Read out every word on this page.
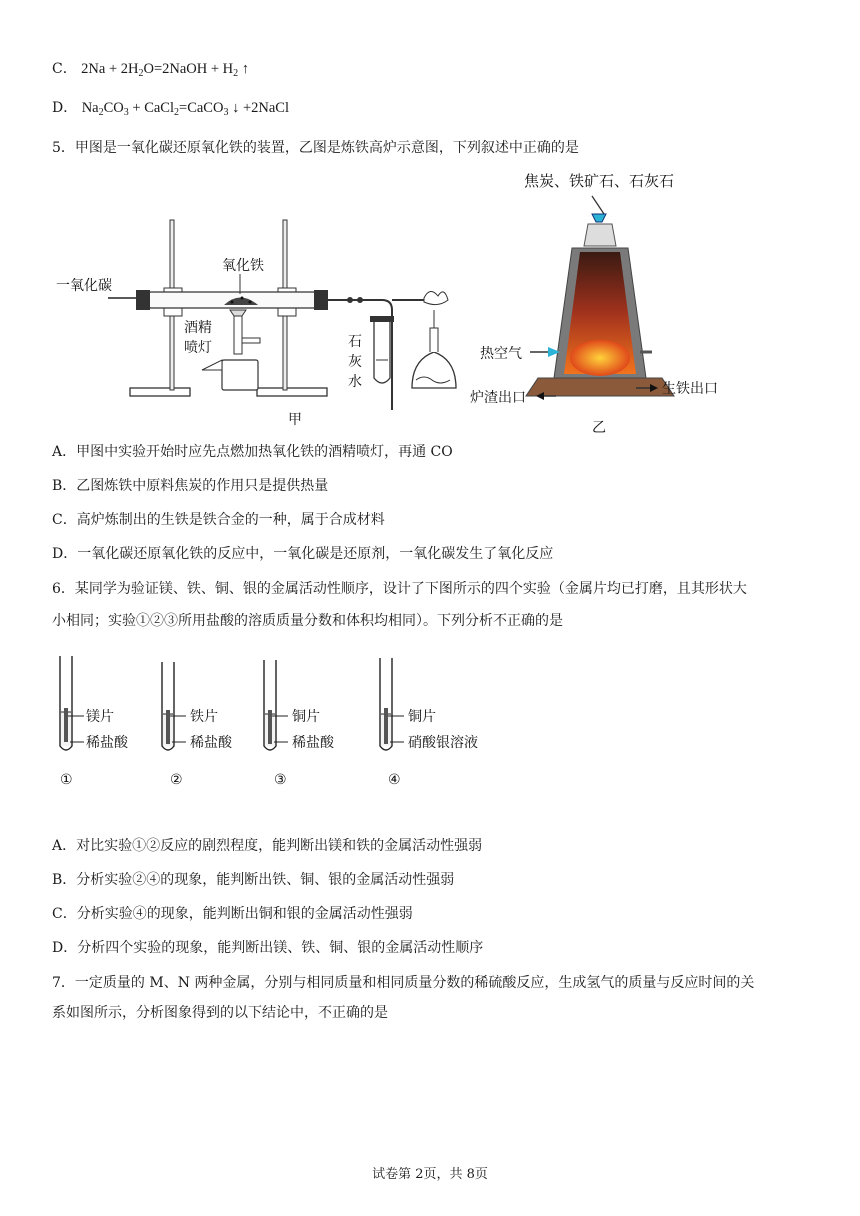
C． $2Na + 2H_2O=2NaOH + H_2$ ↑
D． $Na_2CO_3$ + CaCl$_2$=CaCO$_3$ ↓ +2NaCl
5．甲图是一氧化碳还原氧化铁的装置，乙图是炼铁高炉示意图，下列叙述中正确的是
一氧化碳
氧化铁
酒精
喷灯	石
灰
水
甲
焦炭、铁矿石、石灰石
热空气
生铁出口
炉渣出口
乙
A．甲图中实验开始时应先点燃加热氧化铁的酒精喷灯，再通 CO
B．乙图炼铁中原料焦炭的作用只是提供热量
C．高炉炼制出的生铁是铁合金的一种，属于合成材料
D．一氧化碳还原氧化铁的反应中，一氧化碳是还原剂，一氧化碳发生了氧化反应
6．某同学为验证镁、铁、铜、银的金属活动性顺序，设计了下图所示的四个实验（金属片均已打磨，且其形状大
小相同；实验①②③所用盐酸的溶质质量分数和体积均相同）。下列分析不正确的是
镁片
稀盐酸
①
铁片
稀盐酸
②
铜片
稀盐酸
③
铜片
硝酸银溶液
④
A．对比实验①②反应的剧烈程度，能判断出镁和铁的金属活动性强弱
B．分析实验②④的现象，能判断出铁、铜、银的金属活动性强弱
C．分析实验④的现象，能判断出铜和银的金属活动性强弱
D．分析四个实验的现象，能判断出镁、铁、铜、银的金属活动性顺序
7．一定质量的 M、N 两种金属，分别与相同质量和相同质量分数的稀硫酸反应，生成氢气的质量与反应时间的关
系如图所示，分析图象得到的以下结论中，不正确的是
试卷第 2页，共 8页
